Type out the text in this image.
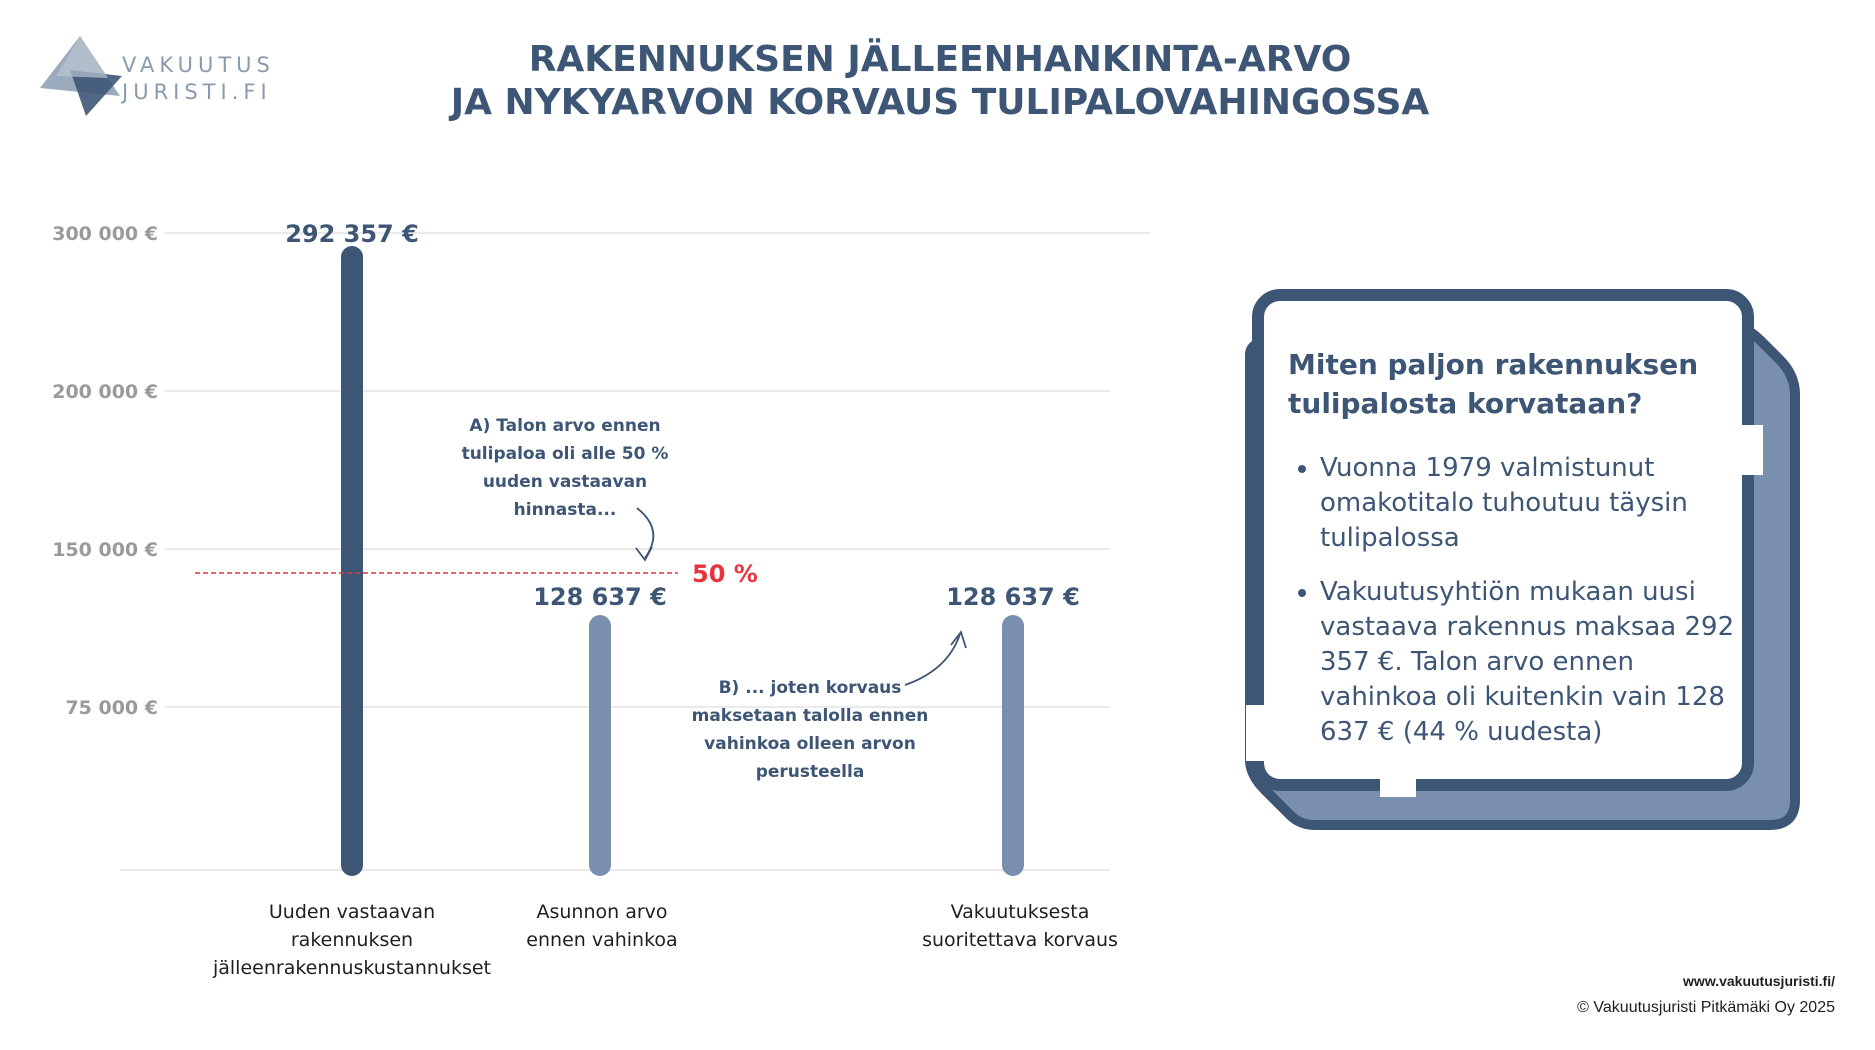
VAKUUTUS
JURISTI.FI
RAKENNUKSEN JÄLLEENHANKINTA-ARVO
JA NYKYARVON KORVAUS TULIPALOVAHINGOSSA
300 000 €
200 000 €
150 000 €
75 000 €
292 357 €
128 637 €	128 637 €
50 %
A) Talon arvo ennen
tulipaloa oli alle 50 %
uuden vastaavan
hinnasta...
B) ... joten korvaus
maksetaan talolla ennen
vahinkoa olleen arvon
perusteella
Uuden vastaavan
rakennuksen
jälleenrakennuskustannukset
Asunnon arvo
ennen vahinkoa
Vakuutuksesta
suoritettava korvaus
Miten paljon rakennuksen tulipalosta korvataan?
• Vuonna 1979 valmistunut omakotitalo tuhoutuu täysin tulipalossa
• Vakuutusyhtiön mukaan uusi vastaava rakennus maksaa 292 357 €. Talon arvo ennen vahinkoa oli kuitenkin vain 128 637 € (44 % uudesta)
www.vakuutusjuristi.fi/
© Vakuutusjuristi Pitkämäki Oy 2025
